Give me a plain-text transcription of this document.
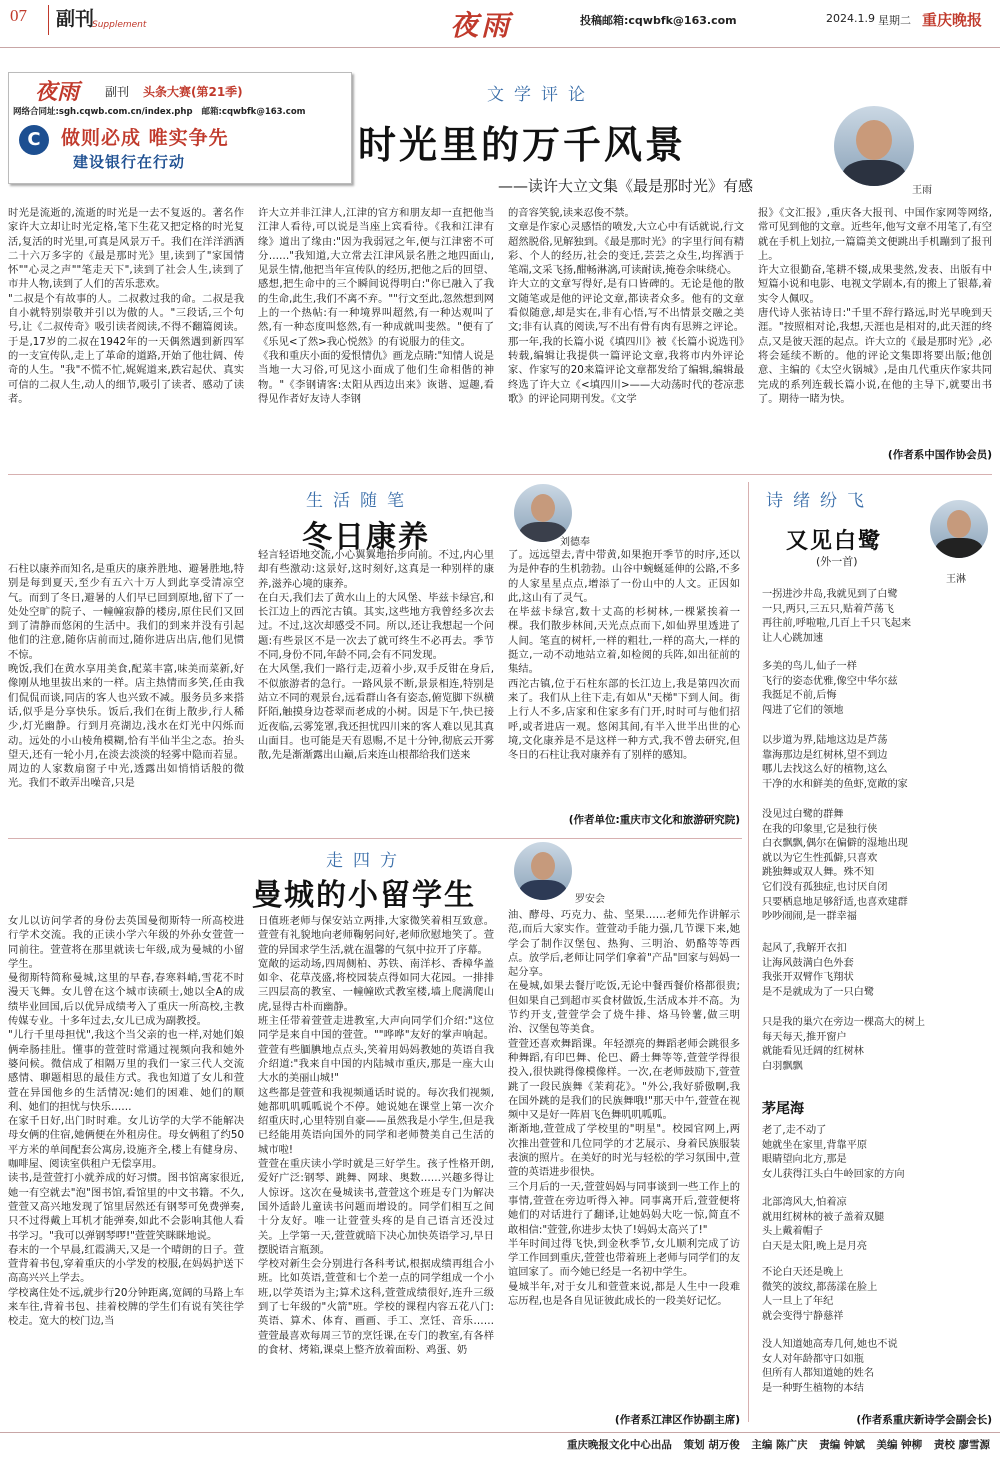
07 副刊
Supplement	夜雨	投稿邮箱:cqwbfk@163.com	2024.1.9 星期二 重庆晚报
夜雨 副刊 头条大赛(第21季)
网络合同址:sgh.cqwb.com.cn/index.php 邮箱:cqwbfk@163.com
C	做则必成 唯实争先
建设银行在行动
文学评论
时光里的万千风景
——读许大立文集《最是那时光》有感	王雨
时光是流逝的,流逝的时光是一去不复返的。著名作家许大立却让时光定格,笔下生花又把定格的时光复活,复活的时光里,可真是风景万千。我们在洋洋洒洒二十六万多字的《最是那时光》里,读到了"家国情怀""心灵之声""笔走天下",读到了社会人生,读到了市井人物,读到了人们的苦乐悲欢。
"二叔是个有故事的人。二叔救过我的命。二叔是我自小就特别崇敬并引以为傲的人。"三段话,三个句号,让《二叔传奇》吸引读者阅读,不得不翻篇阅读。于是,17岁的二叔在1942年的一天偶然遇到新四军的一支宣传队,走上了革命的道路,开始了他壮阔、传奇的人生。"我"不慌不忙,娓娓道来,跌宕起伏、真实可信的二叔人生,动人的细节,吸引了读者、感动了读者。
许大立并非江津人,江津的官方和朋友却一直把他当江津人看待,可以说是当座上宾看待。《我和江津有缘》道出了缘由:"因为我弱冠之年,便与江津密不可分……"我知道,大立常去江津风景名胜之地四面山,见景生情,他把当年宣传队的经历,把他之后的回望、感想,把生命中的三个瞬间说得明白:"你已融入了我的生命,此生,我们不离不弃。""行文至此,忽然想到网上的一个热帖:有一种境界叫超然,有一种达观叫了然,有一种态度叫悠然,有一种成就叫斐然。"便有了《乐见<了然>我心悦然》的有说服力的佳文。
《我和重庆小面的爱恨情仇》画龙点睛:"知情人说是当地一大习俗,可见这小面成了他们生命相偕的神物。"《李钢请客:太阳从西边出来》诙谐、逗趣,看得见作者好友诗人李钢
的音容笑貌,读来忍俊不禁。
文章是作家心灵感悟的喷发,大立心中有话就说,行文超然脱俗,见解独到。《最是那时光》的字里行间有精彩、个人的经历,社会的变迁,芸芸之众生,均挥洒于笔端,文采飞扬,酣畅淋漓,可读耐读,掩卷余味绕心。
许大立的文章写得好,是有口皆碑的。无论是他的散文随笔或是他的评论文章,都读者众多。他有的文章看似随意,却是实在,非有心悟,写不出情景交融之美文;非有认真的阅读,写不出有骨有肉有思辨之评论。那一年,我的长篇小说《填四川》被《长篇小说选刊》转载,编辑让我提供一篇评论文章,我将市内外评论家、作家写的20来篇评论文章都发给了编辑,编辑最终选了许大立《<填四川>——大动荡时代的苍凉悲歌》的评论同期刊发。《文学
报》《文汇报》,重庆各大报刊、中国作家网等网络,常可见到他的文章。近些年,他写文章不用笔了,有空就在手机上划拉,一篇篇美文便跳出手机蹦到了报刊上。
许大立很勤奋,笔耕不辍,成果斐然,发表、出版有中短篇小说和电影、电视文学剧本,有的搬上了银幕,着实令人佩叹。
唐代诗人张祜诗日:"千里不辞行路远,时光早晚到天涯。"按照相对论,我想,天涯也是相对的,此天涯的终点,又是彼天涯的起点。许大立的《最是那时光》,必将会延续不断的。他的评论文集即将要出版;他创意、主编的《太空火锅城》,是由几代重庆作家共同完成的系列连载长篇小说,在他的主导下,就要出书了。期待一睹为快。
(作者系中国作协会员)
生活随笔
冬日康养	刘德奉
石柱以康养而知名,是重庆的康养胜地、避暑胜地,特别是每到夏天,至少有五六十万人到此享受清凉空气。而到了冬日,避暑的人们早已回到原地,留下了一处处空旷的院子、一幢幢寂静的楼房,原住民们又回到了清静而悠闲的生活中。我们的到来并没有引起他们的注意,随你店前而过,随你进店出店,他们见惯不惊。
晚饭,我们在黄水享用美食,配菜丰富,味美而菜新,好像刚从地里拔出来的一样。店主热情而多笑,任由我们侃侃而谈,同店的客人也兴致不减。服务员多来搭话,似乎是分享快乐。饭后,我们在街上散步,行人稀少,灯光幽静。行到月亮湖边,浅水在灯光中闪烁而动。远处的小山棱角模糊,恰有半仙半尘之态。抬头望天,还有一轮小月,在淡去淡淡的轻雾中隐而若显。周边的人家数扇窗子中光,透露出如悄悄话般的微光。我们不敢弄出噪音,只是
轻言轻语地交流,小心翼翼地抬步向前。不过,内心里却有些激动:这景好,这时刻好,这真是一种别样的康养,滋养心境的康养。
在白天,我们去了黄水山上的大风堡、毕兹卡绿宫,和长江边上的西沱古镇。其实,这些地方我曾经多次去过。不过,这次却感受不同。所以,还让我想起一个问题:有些景区不是一次去了就可终生不必再去。季节不同,身份不同,年龄不同,会有不同发现。
在大风堡,我们一路行走,迈着小步,双手反钳在身后,不似旅游者的急行。一路风景不断,景景相连,特别是站立不同的观景台,远看群山各有姿态,俯览脚下纵横阡陌,触摸身边苍翠而老成的小树。因是下午,快已接近夜临,云雾笼罩,我还担忧四川来的客人难以见其真山面目。也可能是天有恩赐,不足十分钟,彻底云开雾散,先是渐渐露出山巅,后来连山根都给我们送来
了。远远望去,青中带黄,如果抱开季节的时序,还以为是仲春的生机勃勃。山谷中蜿蜒延伸的公路,不多的人家星星点点,增添了一份山中的人文。正因如此,这山有了灵气。
在毕兹卡绿宫,数十丈高的杉树林,一棵紧挨着一棵。我们散步林间,天光点点而下,如仙界里透进了人间。笔直的树杆,一样的粗壮,一样的高大,一样的挺立,一动不动地站立着,如检阅的兵阵,如出征前的集结。
西沱古镇,位于石柱东部的长江边上,我是第四次而来了。我们从上往下走,有如从"天梯"下到人间。街上行人不多,店家和住家多有门开,时时可与他们招呼,或者进店一观。悠闲其间,有半入世半出世的心境,文化康养是不是这样一种方式,我不曾去研究,但冬日的石柱让我对康养有了别样的感知。
(作者单位:重庆市文化和旅游研究院)
走四方
曼城的小留学生	罗安会
女儿以访问学者的身份去英国曼彻斯特一所高校进行学术交流。我的正读小学六年级的外孙女萱萱一同前往。萱萱将在那里就读七年级,成为曼城的小留学生。
曼彻斯特简称曼城,这里的早春,春寒料峭,雪花不时漫天飞舞。女儿曾在这个城市读硕士,她以全A的成绩毕业回国,后以优异成绩考入了重庆一所高校,主教传媒专业。十多年过去,女儿已成为副教授。
"儿行千里母担忧",我这个当父亲的也一样,对她们娘俩牵肠挂肚。懂事的萱萱时常通过视频向我和她外婆问候。微信成了相隔万里的我们一家三代人交流感情、聊题相思的最佳方式。我也知道了女儿和萱萱在异国他乡的生活情况:她们的困难、她们的顺利、她们的担忧与快乐……
在家千日好,出门时时难。女儿访学的大学不能解决母女俩的住宿,她俩便在外租房住。母女俩租了约50平方米的单间配套公寓房,设施齐全,楼上有健身房、咖啡屋、阅读室供租户无偿享用。
读书,是萱萱打小就养成的好习惯。图书馆离家很近,她一有空就去"泡"图书馆,看馆里的中文书籍。不久,萱萱又高兴地发现了馆里居然还有钢琴可免费弹奏,只不过得戴上耳机才能弹奏,如此不会影响其他人看书学习。"我可以弹钢琴啰!"萱萱笑眯眯地说。
春末的一个早晨,红霞满天,又是一个晴朗的日子。萱萱背着书包,穿着重庆的小学发的校服,在妈妈护送下高高兴兴上学去。
学校离住处不远,就步行20分钟距离,宽阔的马路上车来车往,背着书包、挂着校牌的学生们有说有笑往学校走。宽大的校门边,当
日值班老师与保安站立两排,大家微笑着相互致意。萱萱有礼貌地向老师鞠躬问好,老师欣慰地笑了。萱萱的异国求学生活,就在温馨的气氛中拉开了序幕。
宽敞的运动场,四周侧柏、苏铁、南洋杉、香樟华盖如伞、花草茂盛,将校园装点得如同大花园。一排排三四层高的教室、一幢幢欧式教室楼,墙上爬满爬山虎,显得古朴而幽静。
班主任带着萱萱走进教室,大声向同学们介绍:"这位同学是来自中国的萱萱。""哗哗"友好的掌声响起。萱萱有些腼腆地点点头,笑着用妈妈教她的英语自我介绍道:"我来自中国的内陆城市重庆,那是一座大山大水的美丽山城!"
这些都是萱萱和我视频通话时说的。每次我们视频,她都叽叽呱呱说个不停。她说她在课堂上第一次介绍重庆时,心里特别自豪——虽然我是小学生,但是我已经能用英语向国外的同学和老师赞美自己生活的城市啦!
萱萱在重庆读小学时就是三好学生。孩子性格开朗,爱好广泛:钢琴、跳舞、网球、奥数……兴趣多得让人惊讶。这次在曼城读书,萱萱这个班是专门为解决国外适龄儿童读书问题而增设的。同学们相互之间十分友好。唯一让萱萱头疼的是自己语言还没过关。上学第一天,萱萱就暗下决心加快英语学习,早日摆脱语言瓶颈。
学校对新生会分别进行各科考试,根据成绩再组合小班。比如英语,萱萱和七个差一点的同学组成一个小班,以学英语为主;算术这科,萱萱成绩很好,连升三级到了七年级的"火箭"班。学校的课程内容五花八门:英语、算术、体育、画画、手工、烹饪、音乐……萱萱最喜欢每周三节的烹饪课,在专门的教室,有各样的食材、烤箱,课桌上整齐放着面粉、鸡蛋、奶
油、酵母、巧克力、盐、坚果……老师先作讲解示范,而后大家实作。萱萱动手能力强,几节课下来,她学会了制作汉堡包、热狗、三明治、奶酪等等西点。放学后,老师让同学们拿着"产品"回家与妈妈一起分享。
在曼城,如果去餐厅吃饭,无论中餐西餐价格都很贵;但如果自己到超市买食材做饭,生活成本并不高。为节约开支,萱萱学会了烧牛排、烙马铃薯,做三明治、汉堡包等美食。
萱萱还喜欢舞蹈课。年轻漂亮的舞蹈老师会跳很多种舞蹈,有印巴舞、伦巴、爵士舞等等,萱萱学得很投入,很快跳得像模像样。一次,在老师鼓励下,萱萱跳了一段民族舞《茉莉花》。"外公,我好骄傲啊,我在国外跳的是我们的民族舞哦!"那天中午,萱萱在视频中又是好一阵眉飞色舞叽叽呱呱。
渐渐地,萱萱成了学校里的"明星"。校园官网上,两次推出萱萱和几位同学的才艺展示、身着民族服装表演的照片。在美好的时光与轻松的学习氛围中,萱萱的英语进步很快。
三个月后的一天,萱萱妈妈与同事谈到一些工作上的事情,萱萱在旁边听得入神。同事离开后,萱萱便将她们的对话进行了翻译,让她妈妈大吃一惊,简直不敢相信:"萱萱,你进步太快了!妈妈太高兴了!"
半年时间过得飞快,到金秋季节,女儿顺利完成了访学工作回到重庆,萱萱也带着班上老师与同学们的友谊回家了。而今她已经是一名初中学生。
曼城半年,对于女儿和萱萱来说,都是人生中一段难忘历程,也是各自见证彼此成长的一段美好记忆。
(作者系江津区作协副主席)
诗绪纷飞
又见白鹭
(外一首)
王淋
一拐进沙井岛,我就见到了白鹭
一只,两只,三五只,贴着芦荡飞
再往前,呼啦啦,几百上千只飞起来
让人心跳加速
多美的鸟儿,仙子一样
飞行的姿态优雅,像空中华尔兹
我挺足不前,后悔
闯进了它们的领地
以步道为界,陆地这边是芦荡
靠海那边是红树林,望不到边
哪儿去找这么好的植物,这么
干净的水和鲜美的鱼虾,宽敞的家
没见过白鹭的群舞
在我的印象里,它是独行侠
白衣飘飘,偶尔在偏僻的湿地出现
就以为它生性孤僻,只喜欢
跳独舞或双人舞。殊不知
它们没有孤独症,也讨厌自闭
只要栖息地足够舒适,也喜欢建群
吵吵闹闹,是一群幸福
起风了,我解开衣扣
让海风鼓满白色外套
我张开双臂作飞翔状
是不是就成为了一只白鹭
只是我的巢穴在旁边一棵高大的树上
每天每天,推开窗户
就能看见迁阔的红树林
白羽飘飘
茅尾海
老了,走不动了
她就坐在家里,背靠平原
眼睛望向北方,那是
女儿获得江头白牛岭回家的方向
北部湾风大,怕着凉
就用红树林的被子盖着双腿
头上戴着帽子
白天是太阳,晚上是月亮
不论白天还是晚上
微笑的波纹,都荡漾在脸上
人一旦上了年纪
就会变得宁静慈祥
没人知道她高寿几何,她也不说
女人对年龄都守口如瓶
但所有人都知道她的姓名
是一种野生植物的本结
(作者系重庆新诗学会副会长)
重庆晚报文化中心出品 策划 胡万俊 主编 陈广庆 责编 钟斌 美编 钟柳 责校 廖雪源
